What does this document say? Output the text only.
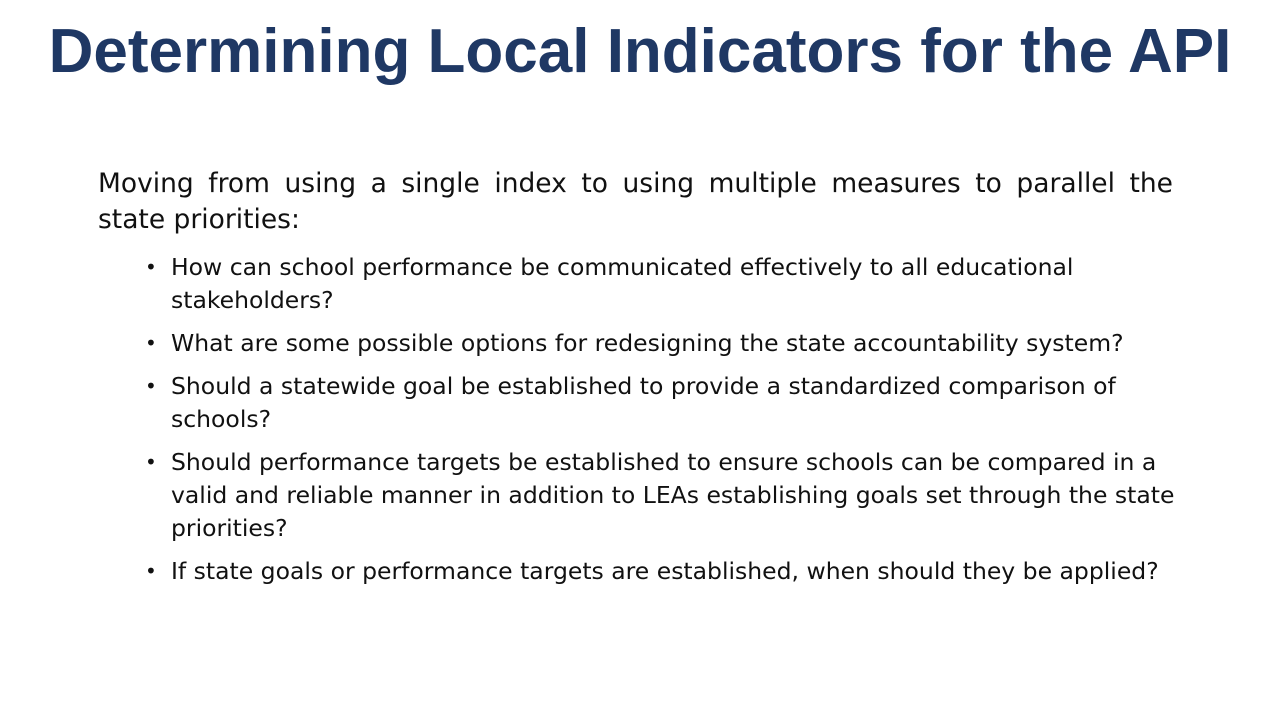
Determining Local Indicators for the API

Moving from using a single index to using multiple measures to parallel the state priorities:

• How can school performance be communicated effectively to all educational stakeholders?
• What are some possible options for redesigning the state accountability system?
• Should a statewide goal be established to provide a standardized comparison of schools?
• Should performance targets be established to ensure schools can be compared in a valid and reliable manner in addition to LEAs establishing goals set through the state priorities?
• If state goals or performance targets are established, when should they be applied?
